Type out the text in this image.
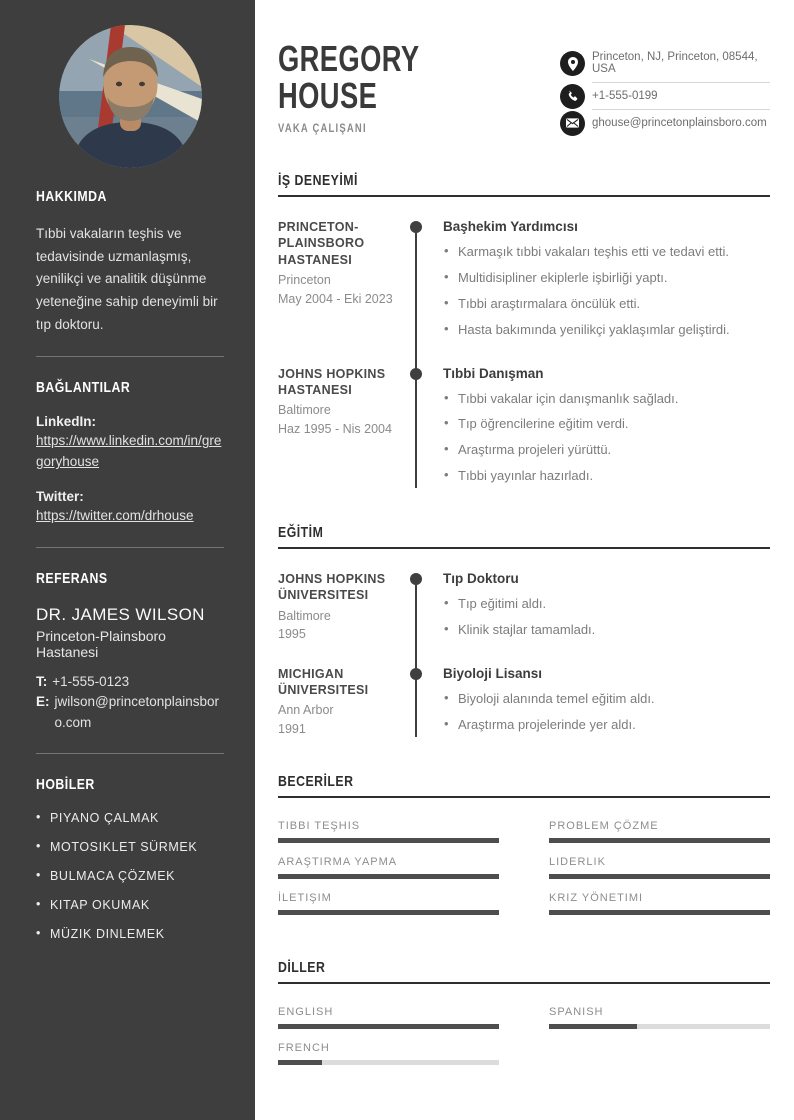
HAKKIMDA

Tıbbi vakaların teşhis ve tedavisinde uzmanlaşmış, yenilikçi ve analitik düşünme yeteneğine sahip deneyimli bir tıp doktoru.

BAĞLANTILAR
LinkedIn:
https://www.linkedin.com/in/gregoryhouse
Twitter:
https://twitter.com/drhouse
REFERANS
DR. JAMES WILSON
Princeton-Plainsboro Hastanesi
T: +1-555-0123
E: jwilson@princetonplainsboro.com
HOBİLER
• PIYANO ÇALMAK
• MOTOSIKLET SÜRMEK
• BULMACA ÇÖZMEK
• KITAP OKUMAK
• MÜZIK DINLEMEK
GREGORY
HOUSE
VAKA ÇALIŞANI
Princeton, NJ, Princeton, 08544, USA
+1-555-0199
ghouse@princetonplainsboro.com
İŞ DENEYİMİ
PRINCETON-PLAINSBORO HASTANESI
Princeton
May 2004 - Eki 2023
Başhekim Yardımcısı
• Karmaşık tıbbi vakaları teşhis etti ve tedavi etti.
• Multidisipliner ekiplerle işbirliği yaptı.
• Tıbbi araştırmalara öncülük etti.
• Hasta bakımında yenilikçi yaklaşımlar geliştirdi.
JOHNS HOPKINS HASTANESI
Baltimore
Haz 1995 - Nis 2004
Tıbbi Danışman
• Tıbbi vakalar için danışmanlık sağladı.
• Tıp öğrencilerine eğitim verdi.
• Araştırma projeleri yürüttü.
• Tıbbi yayınlar hazırladı.
EĞİTİM
JOHNS HOPKINS ÜNIVERSITESI
Baltimore
1995
Tıp Doktoru
• Tıp eğitimi aldı.
• Klinik stajlar tamamladı.
MICHIGAN ÜNIVERSITESI
Ann Arbor
1991
Biyoloji Lisansı
• Biyoloji alanında temel eğitim aldı.
• Araştırma projelerinde yer aldı.
BECERİLER
TIBBI TEŞHIS	PROBLEM ÇÖZME
ARAŞTIRMA YAPMA	LIDERLIK
İLETIŞIM	KRIZ YÖNETIMI
DİLLER
ENGLISH	SPANISH
FRENCH
